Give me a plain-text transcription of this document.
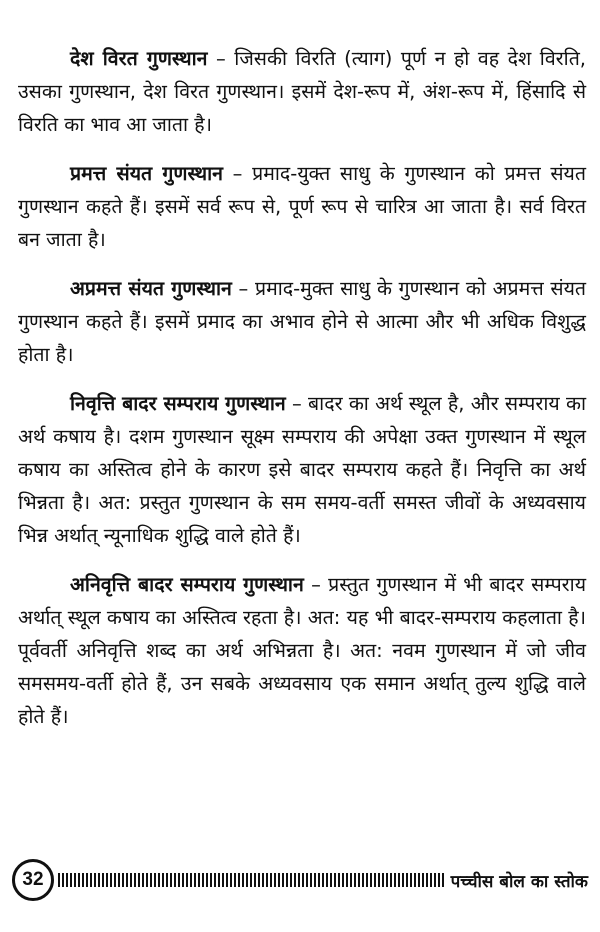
देश विरत गुणस्थान – जिसकी विरति (त्याग) पूर्ण न हो वह देश विरति, उसका गुणस्थान, देश विरत गुणस्थान। इसमें देश-रूप में, अंश-रूप में, हिंसादि से विरति का भाव आ जाता है।

प्रमत्त संयत गुणस्थान – प्रमाद-युक्त साधु के गुणस्थान को प्रमत्त संयत गुणस्थान कहते हैं। इसमें सर्व रूप से, पूर्ण रूप से चारित्र आ जाता है। सर्व विरत बन जाता है।

अप्रमत्त संयत गुणस्थान – प्रमाद-मुक्त साधु के गुणस्थान को अप्रमत्त संयत गुणस्थान कहते हैं। इसमें प्रमाद का अभाव होने से आत्मा और भी अधिक विशुद्ध होता है।

निवृत्ति बादर सम्पराय गुणस्थान – बादर का अर्थ स्थूल है, और सम्पराय का अर्थ कषाय है। दशम गुणस्थान सूक्ष्म सम्पराय की अपेक्षा उक्त गुणस्थान में स्थूल कषाय का अस्तित्व होने के कारण इसे बादर सम्पराय कहते हैं। निवृत्ति का अर्थ भिन्नता है। अत: प्रस्तुत गुणस्थान के सम समय-वर्ती समस्त जीवों के अध्यवसाय भिन्न अर्थात् न्यूनाधिक शुद्धि वाले होते हैं।

अनिवृत्ति बादर सम्पराय गुणस्थान – प्रस्तुत गुणस्थान में भी बादर सम्पराय अर्थात् स्थूल कषाय का अस्तित्व रहता है। अत: यह भी बादर-सम्पराय कहलाता है। पूर्ववर्ती अनिवृत्ति शब्द का अर्थ अभिन्नता है। अत: नवम गुणस्थान में जो जीव समसमय-वर्ती होते हैं, उन सबके अध्यवसाय एक समान अर्थात् तुल्य शुद्धि वाले होते हैं।

32	पच्चीस बोल का स्तोक
